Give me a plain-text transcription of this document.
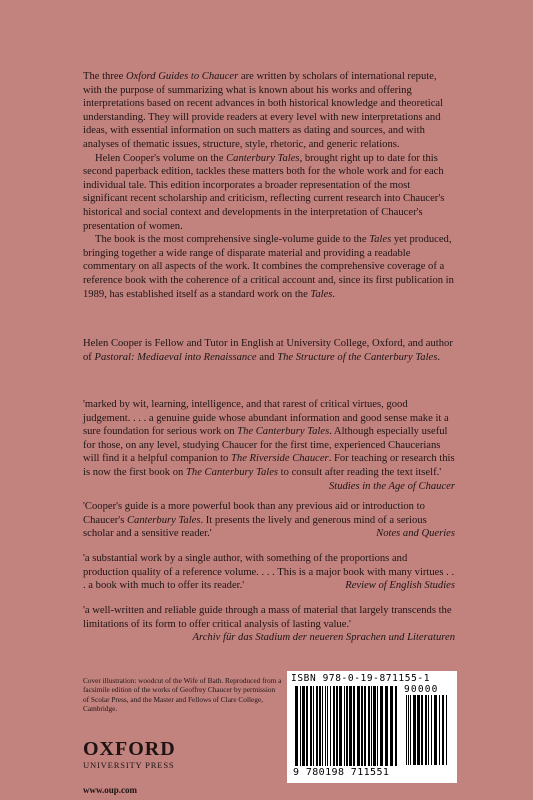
The three Oxford Guides to Chaucer are written by scholars of international repute, with the purpose of summarizing what is known about his works and offering interpretations based on recent advances in both historical knowledge and theoretical understanding. They will provide readers at every level with new interpretations and ideas, with essential information on such matters as dating and sources, and with analyses of thematic issues, structure, style, rhetoric, and generic relations.

Helen Cooper's volume on the Canterbury Tales, brought right up to date for this second paperback edition, tackles these matters both for the whole work and for each individual tale. This edition incorporates a broader representation of the most significant recent scholarship and criticism, reflecting current research into Chaucer's historical and social context and developments in the interpretation of Chaucer's presentation of women.

The book is the most comprehensive single-volume guide to the Tales yet produced, bringing together a wide range of disparate material and providing a readable commentary on all aspects of the work. It combines the comprehensive coverage of a reference book with the coherence of a critical account and, since its first publication in 1989, has established itself as a standard work on the Tales.

Helen Cooper is Fellow and Tutor in English at University College, Oxford, and author of Pastoral: Mediaeval into Renaissance and The Structure of the Canterbury Tales.

'marked by wit, learning, intelligence, and that rarest of critical virtues, good judgement. . . . a genuine guide whose abundant information and good sense make it a sure foundation for serious work on The Canterbury Tales. Although especially useful for those, on any level, studying Chaucer for the first time, experienced Chaucerians will find it a helpful companion to The Riverside Chaucer. For teaching or research this is now the first book on The Canterbury Tales to consult after reading the text itself.'
Studies in the Age of Chaucer

'Cooper's guide is a more powerful book than any previous aid or introduction to Chaucer's Canterbury Tales. It presents the lively and generous mind of a serious scholar and a sensitive reader.'	Notes and Queries

'a substantial work by a single author, with something of the proportions and production quality of a reference volume. . . . This is a major book with many virtues . . . a book with much to offer its reader.'	Review of English Studies

'a well-written and reliable guide through a mass of material that largely transcends the limitations of its form to offer critical analysis of lasting value.'

Archiv für das Stadium der neueren Sprachen und Literaturen
Cover illustration: woodcut of the Wife of Bath. Reproduced from a facsimile edition of the works of Geoffrey Chaucer by permission of Scolar Press, and the Master and Fellows of Clare College, Cambridge.
OXFORD
UNIVERSITY PRESS
www.oup.com
ISBN 978-0-19-871155-1
90000
9 780198 711551
